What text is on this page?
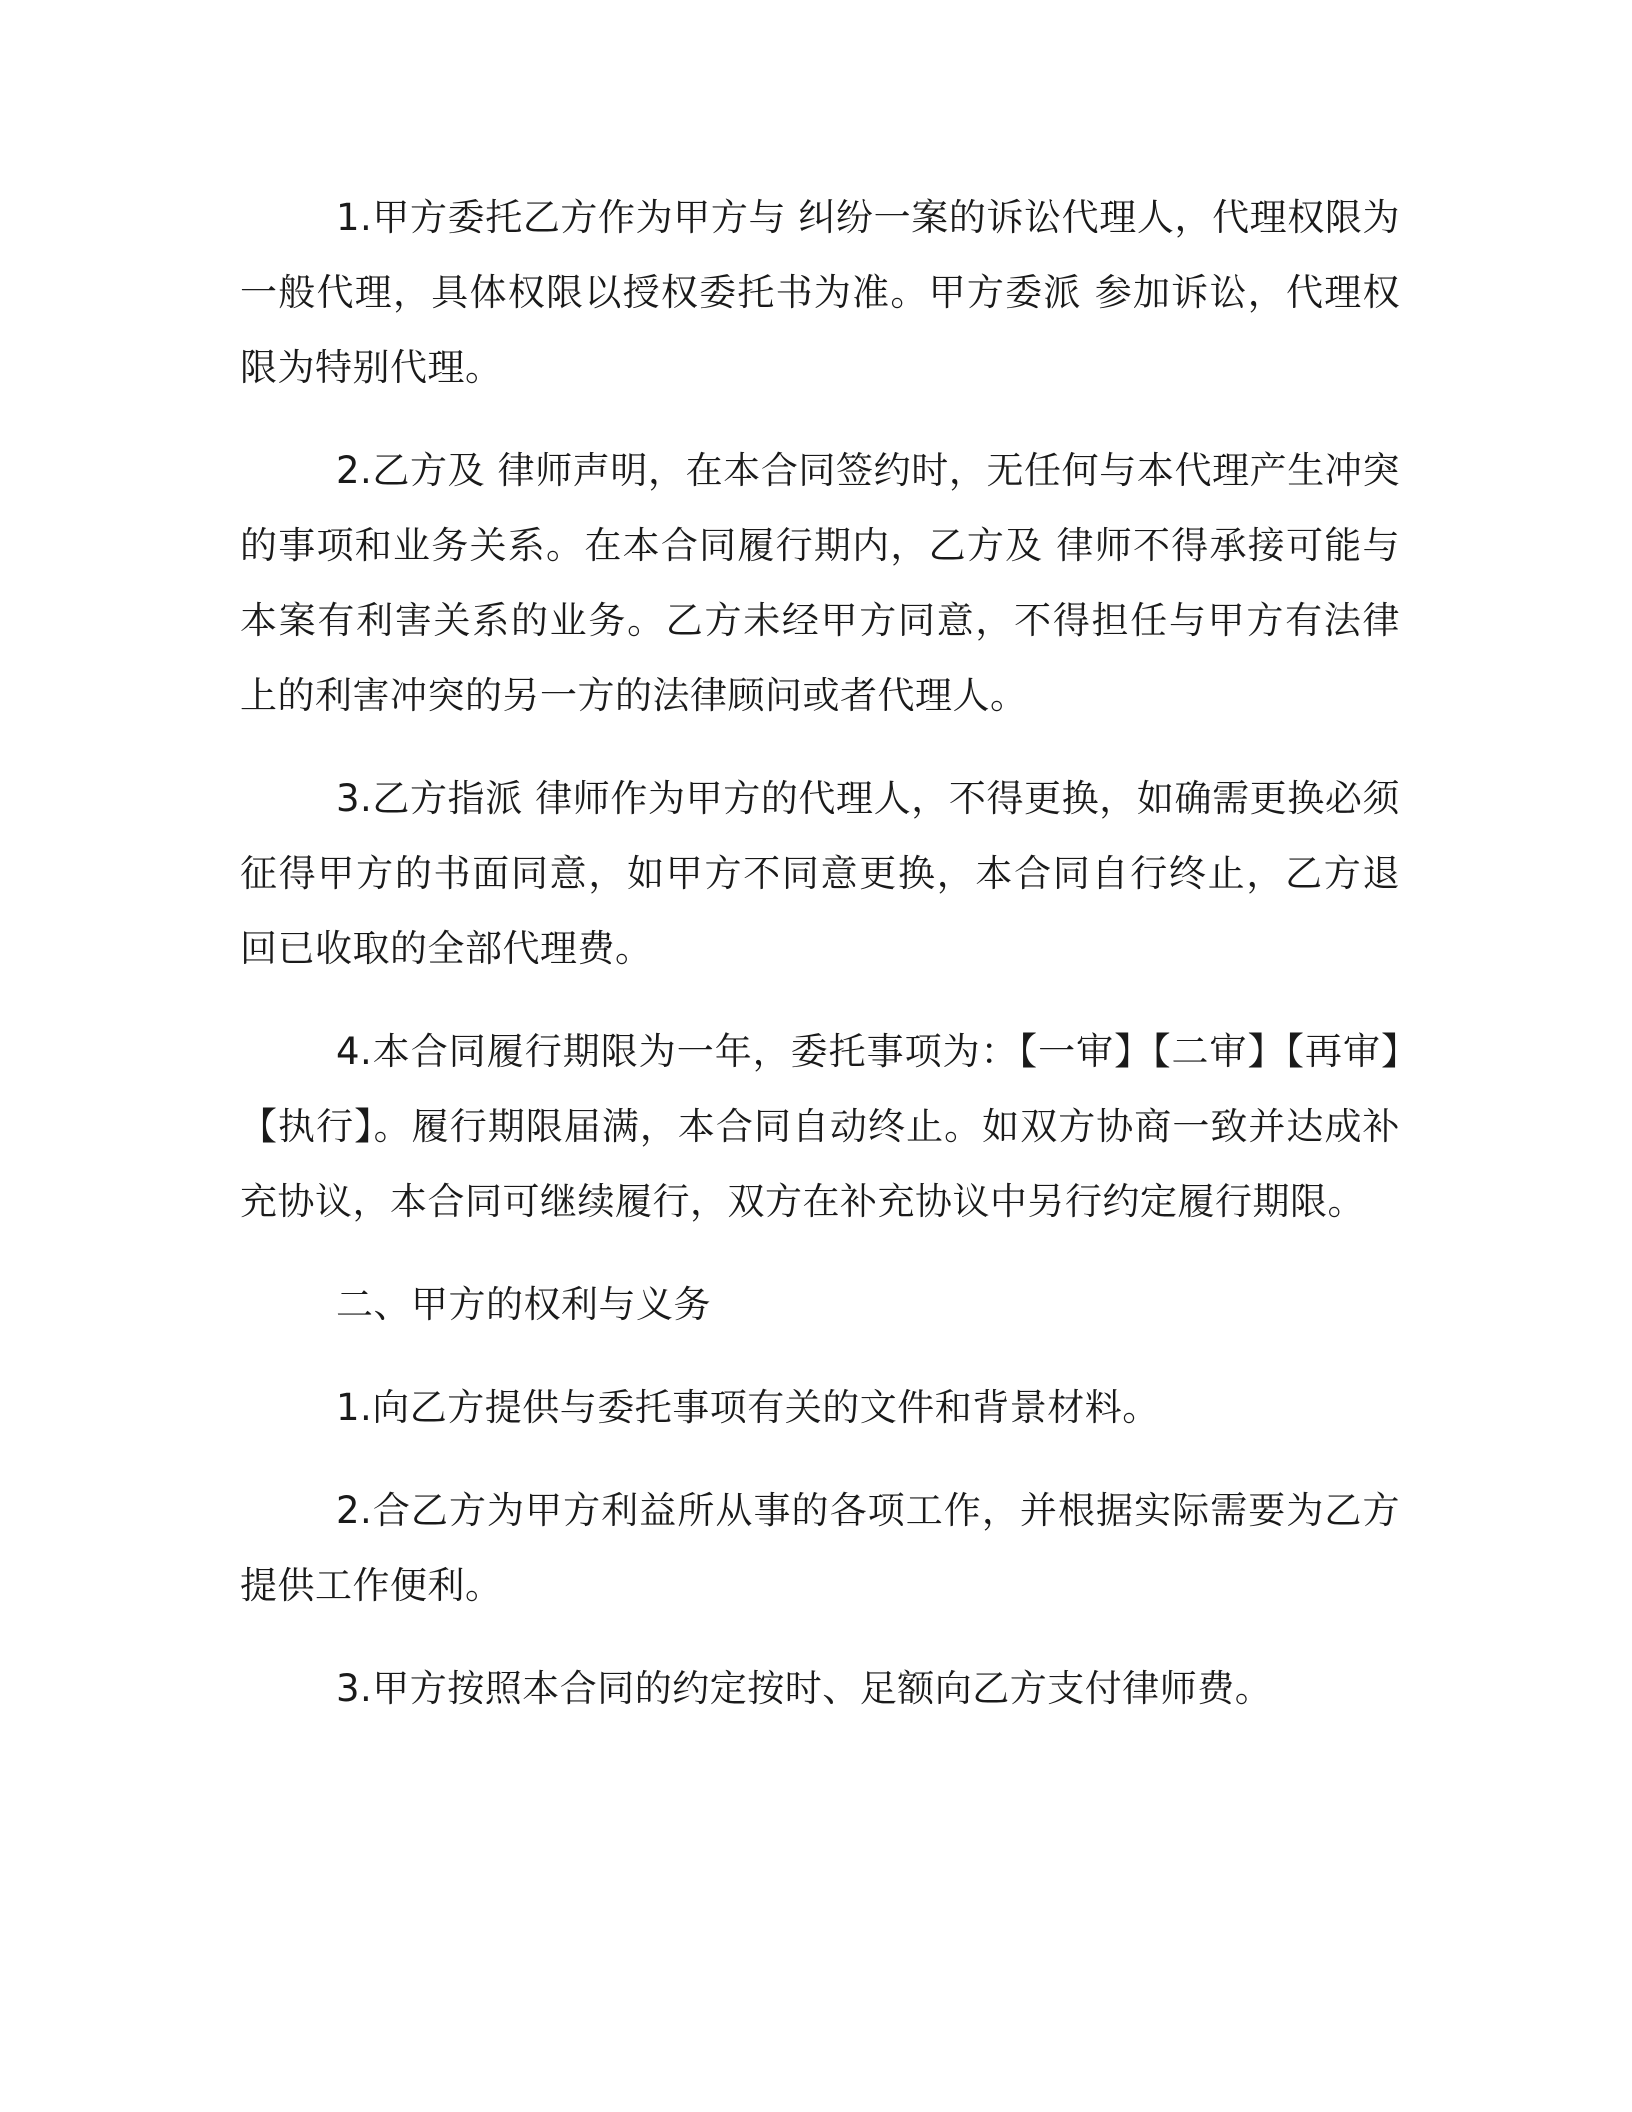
1.甲方委托乙方作为甲方与 纠纷一案的诉讼代理人，代理权限为一般代理，具体权限以授权委托书为准。甲方委派 参加诉讼，代理权限为特别代理。

2.乙方及 律师声明，在本合同签约时，无任何与本代理产生冲突的事项和业务关系。在本合同履行期内，乙方及 律师不得承接可能与本案有利害关系的业务。乙方未经甲方同意，不得担任与甲方有法律上的利害冲突的另一方的法律顾问或者代理人。

3.乙方指派 律师作为甲方的代理人，不得更换，如确需更换必须征得甲方的书面同意，如甲方不同意更换，本合同自行终止，乙方退回已收取的全部代理费。

4.本合同履行期限为一年，委托事项为：【一审】【二审】【再审】【执行】。履行期限届满，本合同自动终止。如双方协商一致并达成补充协议，本合同可继续履行，双方在补充协议中另行约定履行期限。

二、甲方的权利与义务

1.向乙方提供与委托事项有关的文件和背景材料。

2.合乙方为甲方利益所从事的各项工作，并根据实际需要为乙方提供工作便利。

3.甲方按照本合同的约定按时、足额向乙方支付律师费。
